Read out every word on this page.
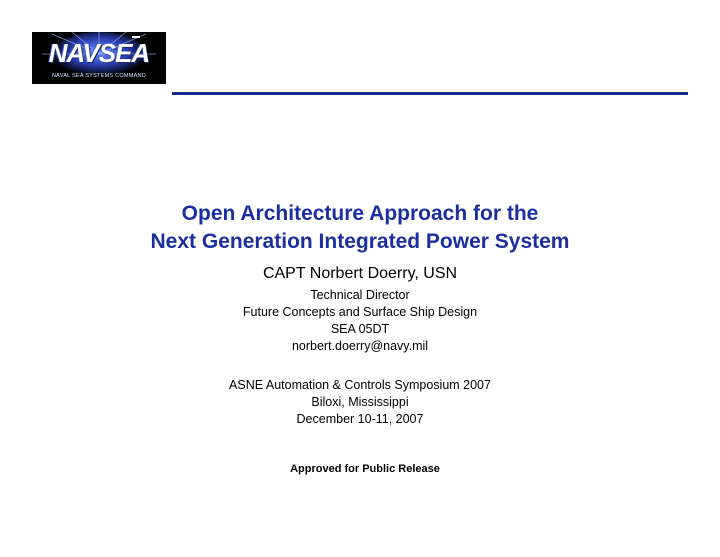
NAVSEA
NAVAL SEA SYSTEMS COMMAND
Open Architecture Approach for the
Next Generation Integrated Power System
CAPT Norbert Doerry, USN
Technical Director
Future Concepts and Surface Ship Design
SEA 05DT
norbert.doerry@navy.mil
ASNE Automation & Controls Symposium 2007
Biloxi, Mississippi
December 10-11, 2007
Approved for Public Release
